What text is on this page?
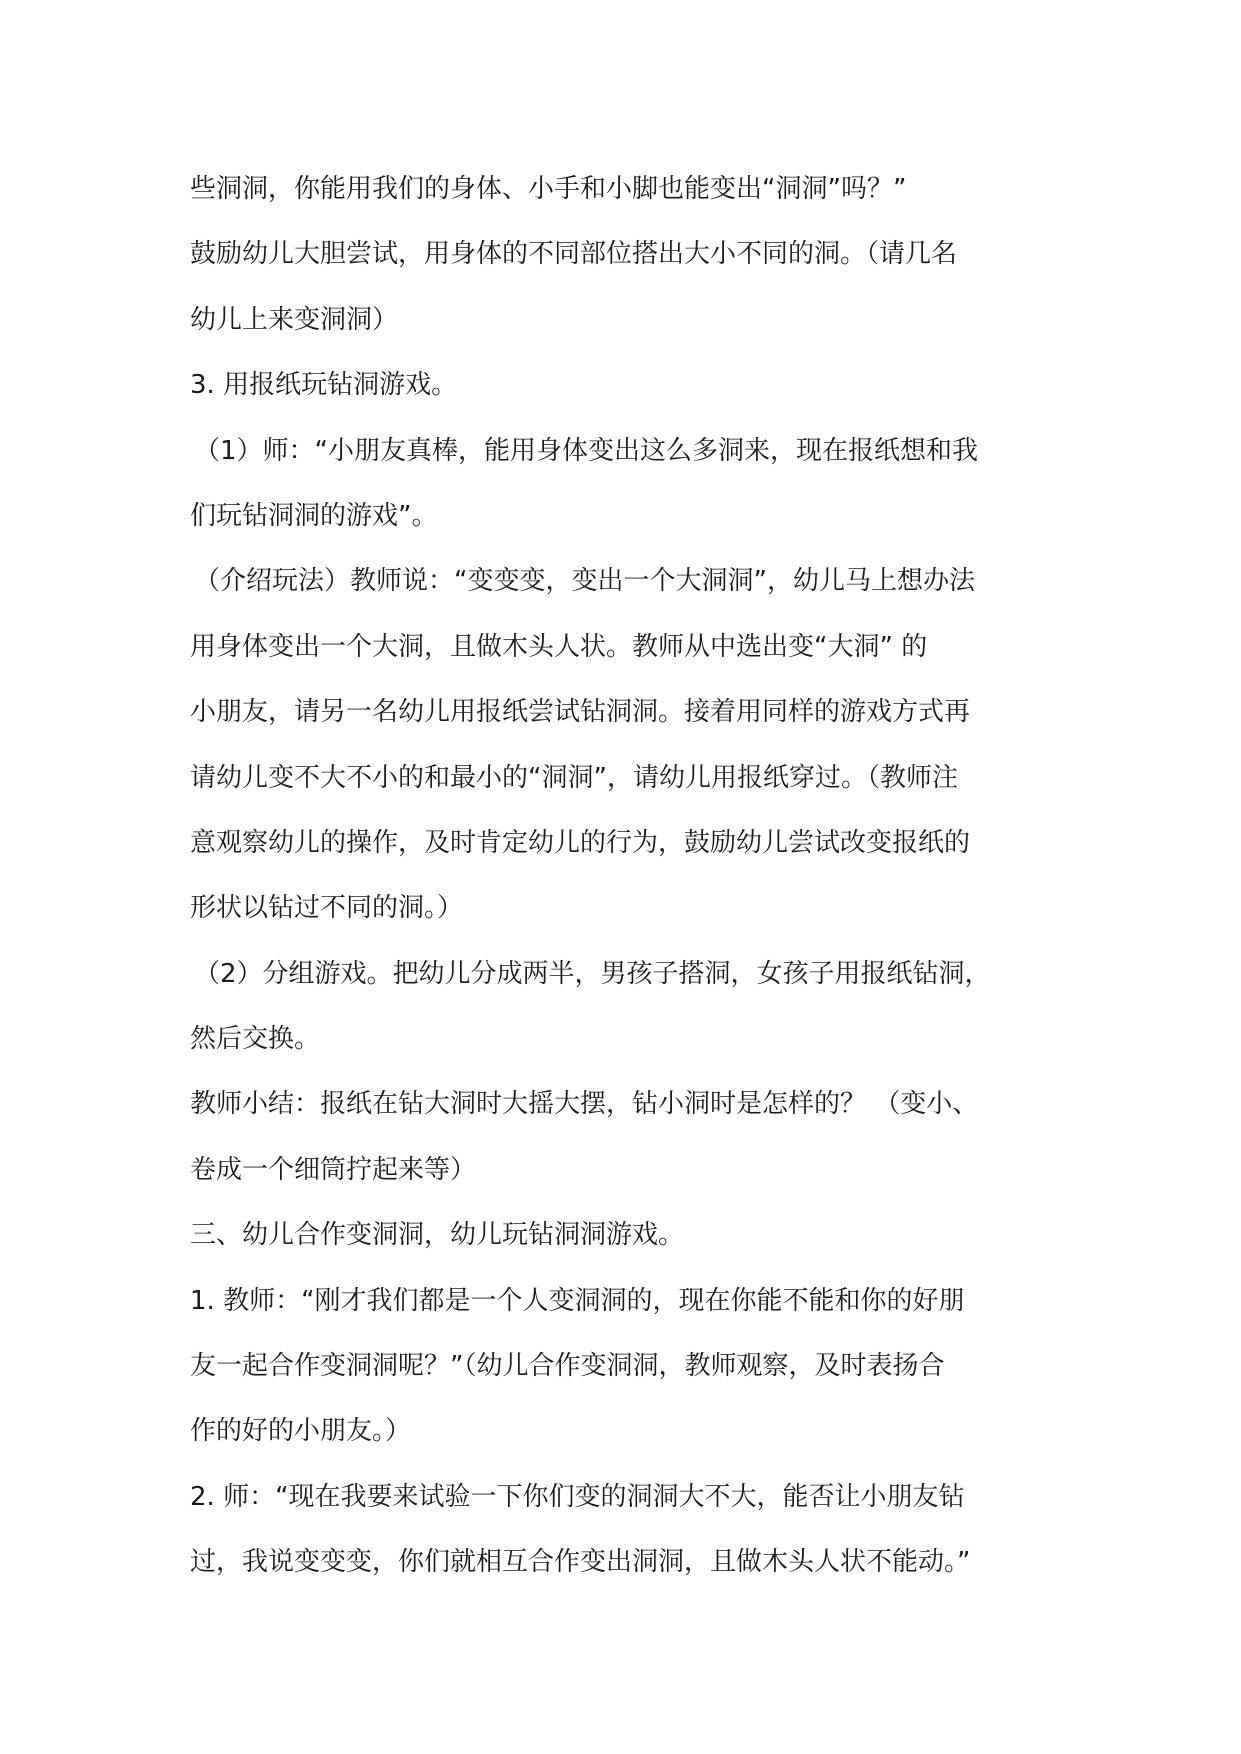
些洞洞，你能用我们的身体、小手和小脚也能变出“洞洞”吗？”
鼓励幼儿大胆尝试，用身体的不同部位搭出大小不同的洞。（请几名
幼儿上来变洞洞）
3. 用报纸玩钻洞游戏。
（1）师：“小朋友真棒，能用身体变出这么多洞来，现在报纸想和我
们玩钻洞洞的游戏”。
（介绍玩法）教师说：“变变变，变出一个大洞洞”，幼儿马上想办法
用身体变出一个大洞，且做木头人状。教师从中选出变“大洞” 的
小朋友，请另一名幼儿用报纸尝试钻洞洞。接着用同样的游戏方式再
请幼儿变不大不小的和最小的“洞洞”，请幼儿用报纸穿过。（教师注
意观察幼儿的操作，及时肯定幼儿的行为，鼓励幼儿尝试改变报纸的
形状以钻过不同的洞。）
（2）分组游戏。把幼儿分成两半，男孩子搭洞，女孩子用报纸钻洞，
然后交换。
教师小结：报纸在钻大洞时大摇大摆，钻小洞时是怎样的？ （变小、
卷成一个细筒拧起来等）
三、幼儿合作变洞洞，幼儿玩钻洞洞游戏。
1. 教师：“刚才我们都是一个人变洞洞的，现在你能不能和你的好朋
友一起合作变洞洞呢？”（幼儿合作变洞洞，教师观察，及时表扬合
作的好的小朋友。）
2. 师：“现在我要来试验一下你们变的洞洞大不大，能否让小朋友钻
过，我说变变变，你们就相互合作变出洞洞，且做木头人状不能动。”
